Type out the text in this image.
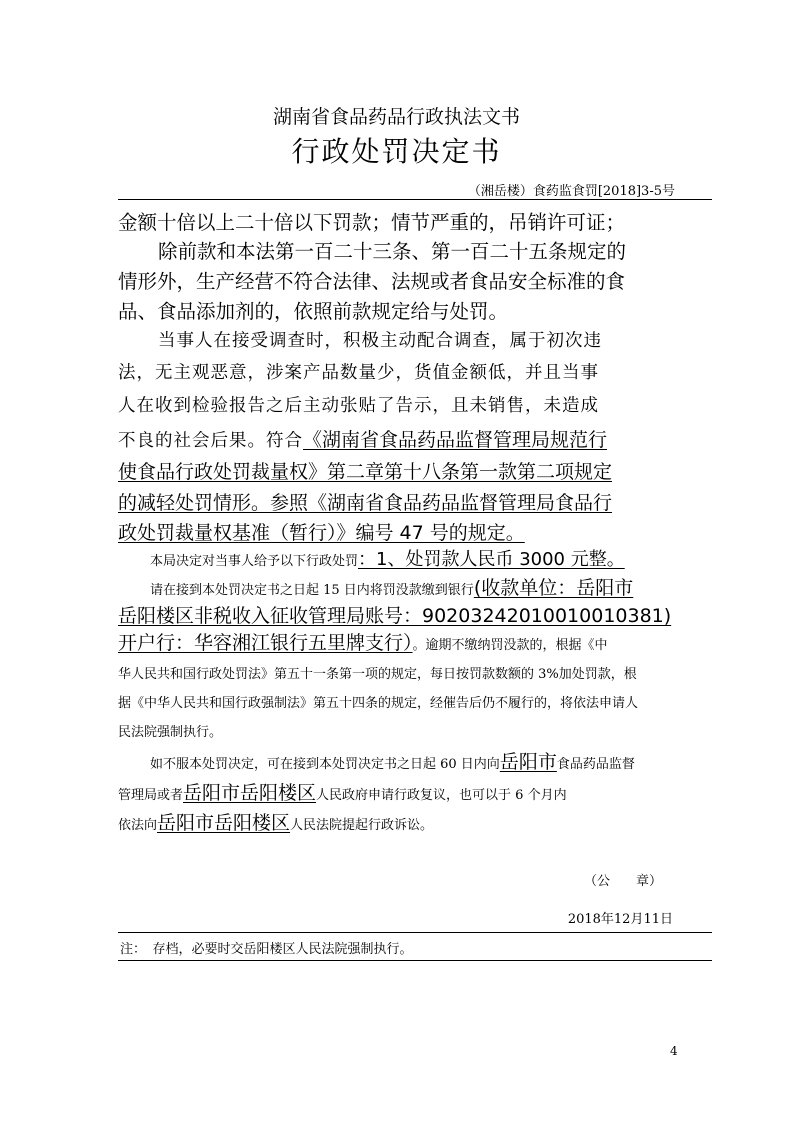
湖南省食品药品行政执法文书
行政处罚决定书
（湘岳楼）食药监食罚[2018]3-5号
金额十倍以上二十倍以下罚款；情节严重的，吊销许可证；
除前款和本法第一百二十三条、第一百二十五条规定的
情形外，生产经营不符合法律、法规或者食品安全标准的食
品、食品添加剂的，依照前款规定给与处罚。
当事人在接受调查时，积极主动配合调查，属于初次违
法，无主观恶意，涉案产品数量少，货值金额低，并且当事
人在收到检验报告之后主动张贴了告示，且未销售，未造成
不良的社会后果。符合《湖南省食品药品监督管理局规范行
使食品行政处罚裁量权》第二章第十八条第一款第二项规定
的减轻处罚情形。参照《湖南省食品药品监督管理局食品行
政处罚裁量权基准（暂行）》编号 47 号的规定。
本局决定对当事人给予以下行政处罚：1、处罚款人民币 3000 元整。
请在接到本处罚决定书之日起 15 日内将罚没款缴到银行(收款单位：岳阳市
岳阳楼区非税收入征收管理局账号：90203242010010010381)
开户行：华容湘江银行五里牌支行）。逾期不缴纳罚没款的，根据《中
华人民共和国行政处罚法》第五十一条第一项的规定，每日按罚款数额的 3%加处罚款，根
据《中华人民共和国行政强制法》第五十四条的规定，经催告后仍不履行的，将依法申请人
民法院强制执行。
如不服本处罚决定，可在接到本处罚决定书之日起 60 日内向岳阳市食品药品监督
管理局或者岳阳市岳阳楼区人民政府申请行政复议，也可以于 6 个月内
依法向岳阳市岳阳楼区人民法院提起行政诉讼。
（公　　章）
2018年12月11日
注：　存档，必要时交岳阳楼区人民法院强制执行。
4
